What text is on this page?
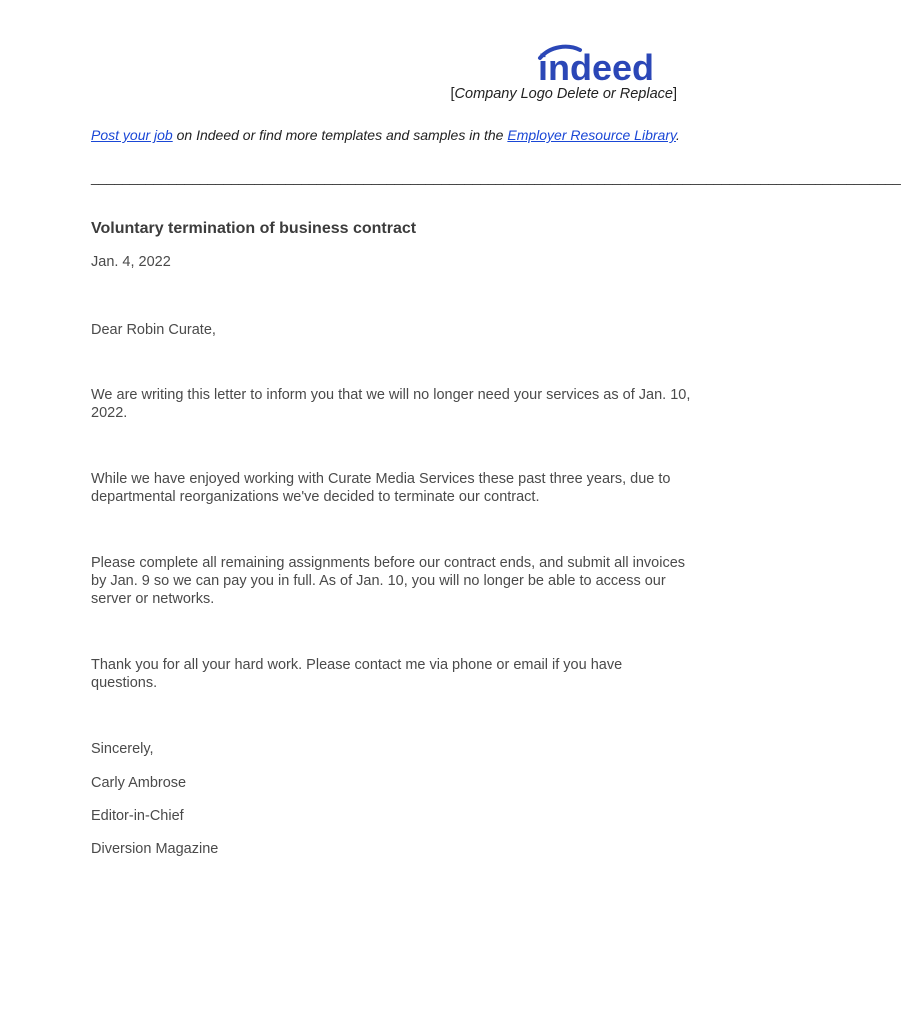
indeed
[Company Logo Delete or Replace]
Post your job on Indeed or find more templates and samples in the Employer Resource Library.
________________________________________________________________________________________________________
Voluntary termination of business contract
Jan. 4, 2022
Dear Robin Curate,
We are writing this letter to inform you that we will no longer need your services as of Jan. 10, 2022.
While we have enjoyed working with Curate Media Services these past three years, due to departmental reorganizations we've decided to terminate our contract.
Please complete all remaining assignments before our contract ends, and submit all invoices by Jan. 9 so we can pay you in full. As of Jan. 10, you will no longer be able to access our server or networks.
Thank you for all your hard work. Please contact me via phone or email if you have questions.
Sincerely,
Carly Ambrose
Editor-in-Chief
Diversion Magazine
